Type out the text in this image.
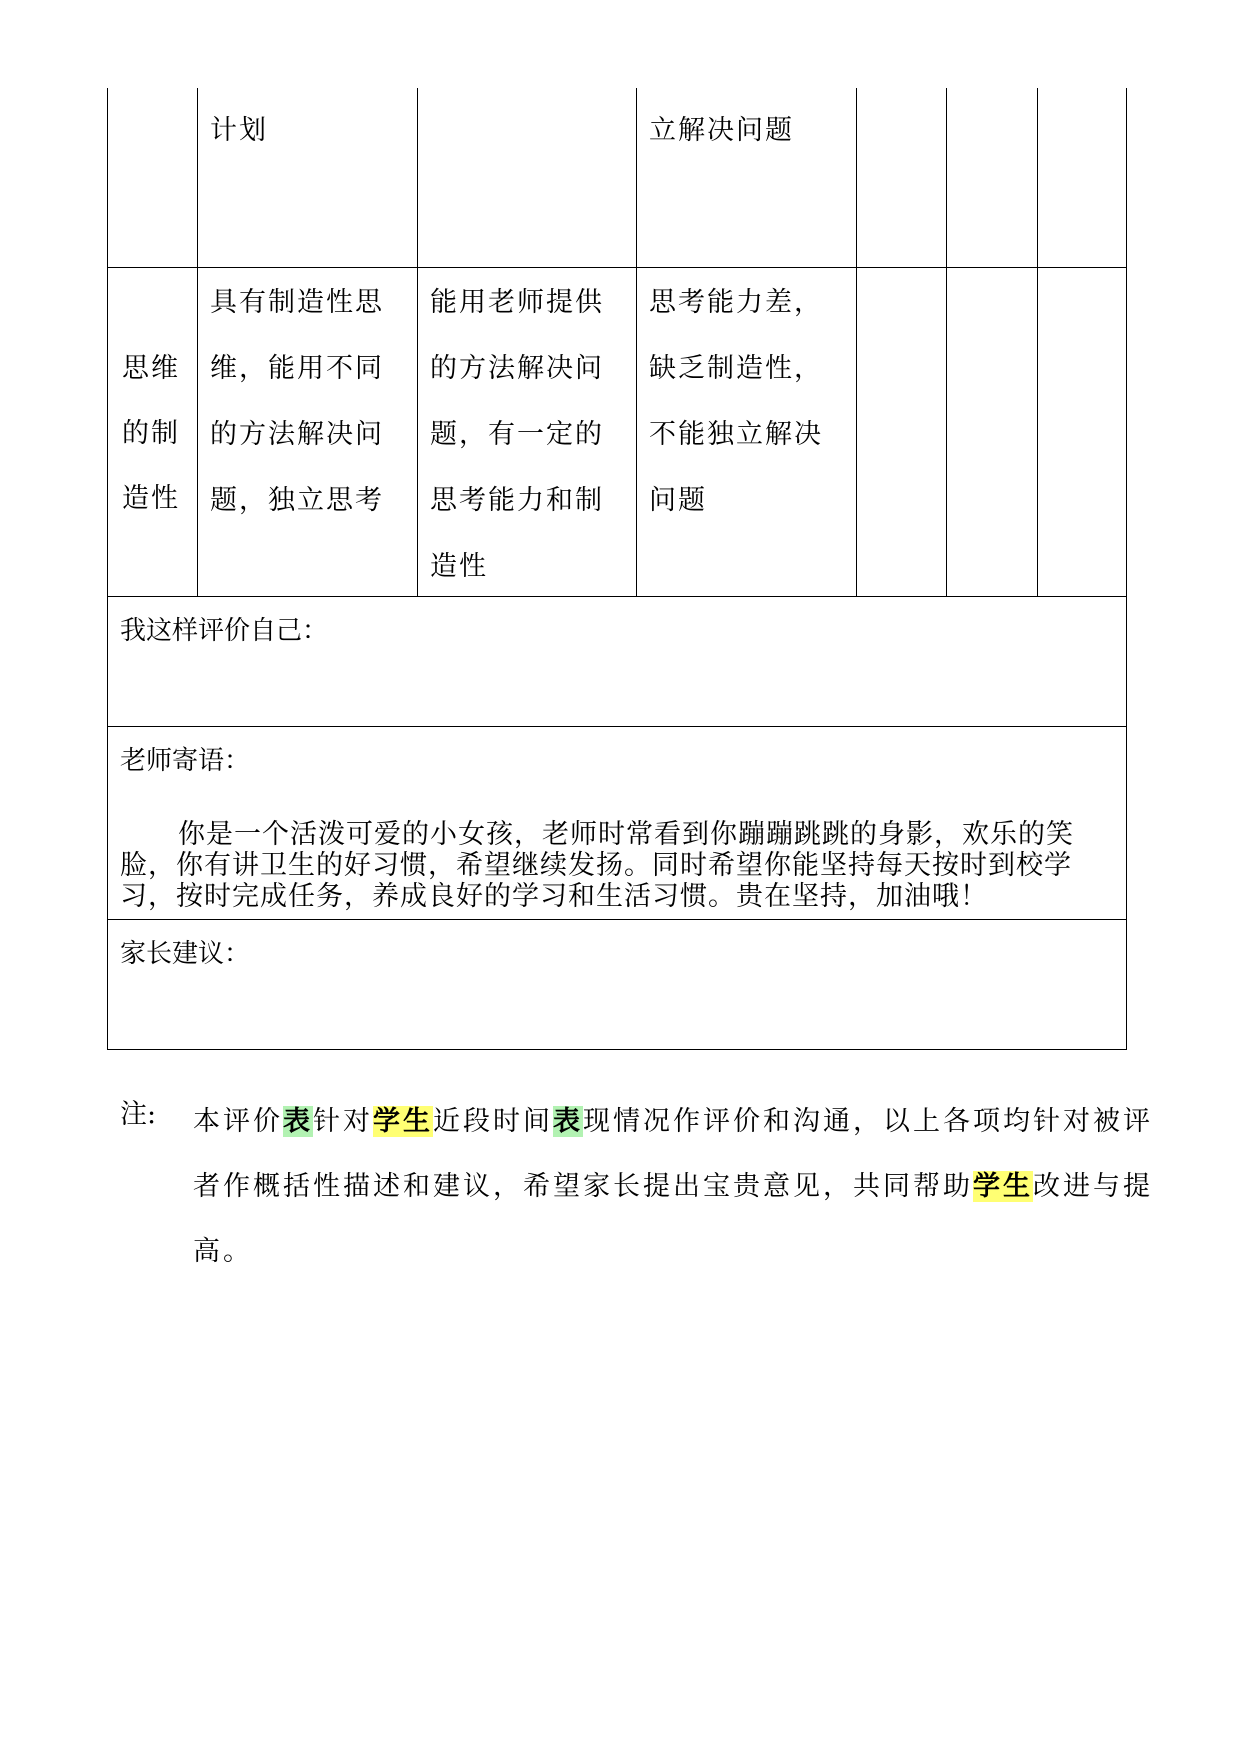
计划	立解决问题
思维的制造性
具有制造性思维，能用不同的方法解决问题，独立思考
能用老师提供的方法解决问题，有一定的思考能力和制造性
思考能力差，缺乏制造性，不能独立解决问题
我这样评价自己：
老师寄语：
你是一个活泼可爱的小女孩，老师时常看到你蹦蹦跳跳的身影，欢乐的笑脸，你有讲卫生的好习惯，希望继续发扬。同时希望你能坚持每天按时到校学习，按时完成任务，养成良好的学习和生活习惯。贵在坚持，加油哦！
家长建议：
注: 本评价表针对学生近段时间表现情况作评价和沟通，以上各项均针对被评
者作概括性描述和建议，希望家长提出宝贵意见，共同帮助学生改进与提
高。
